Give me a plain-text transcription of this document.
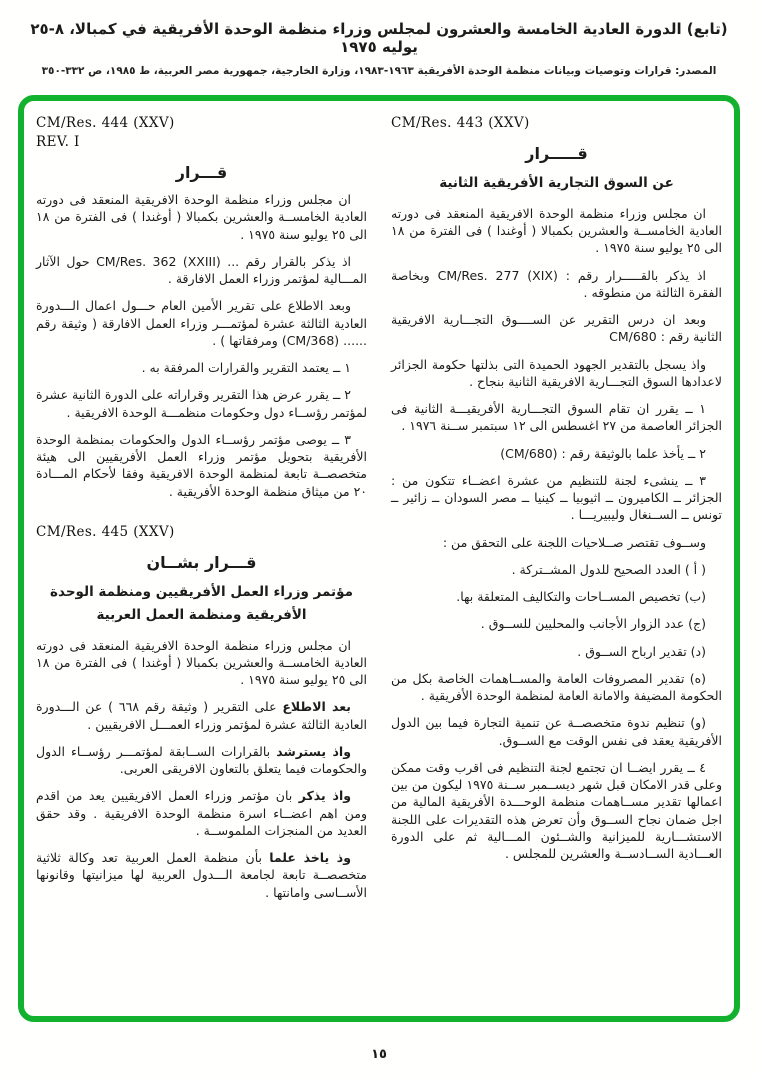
(تابع) الدورة العادية الخامسة والعشرون لمجلس وزراء منظمة الوحدة الأفريقية في كمبالا، ٨-٢٥ يوليه ١٩٧٥
المصدر: قرارات وتوصيات وبيانات منظمة الوحدة الأفريقية ١٩٦٣-١٩٨٣، وزارة الخارجية، جمهورية مصر العربية، ط ١٩٨٥، ص ٣٣٢-٣٥٠
CM/Res. 443 (XXV)
قـــــرار
عن السوق التجارية الأفريقية الثانية

ان مجلس وزراء منظمة الوحدة الافريقية المنعقد فى دورته العادية الخامســة والعشرين بكمبالا ( أوغندا ) فى الفترة من ١٨ الى ٢٥ يوليو سنة ١٩٧٥ .

اذ يذكر بالقـــــرار رقم : ‎CM/Res. 277 (XIX)‎ وبخاصة الفقرة الثالثة من منطوقه .

وبعد ان درس التقرير عن الســــوق التجـــارية الافريقية الثانية رقم : ‎CM/680‎

واذ يسجل بالتقدير الجهود الحميدة التى بذلتها حكومة الجزائر لاعدادها السوق التجـــارية الافريقية الثانية بنجاح .

١ ــ يقرر ان تقام السوق التجـــارية الأفريقيـــة الثانية فى الجزائر العاصمة من ٢٧ اغسطس الى ١٢ سبتمبر ســنة ١٩٧٦ .

٢ ــ يأخذ علما بالوثيقة رقم : ‎(CM/680)‎

٣ ــ ينشىء لجنة للتنظيم من عشرة اعضــاء تتكون من : الجزائر ــ الكاميرون ــ اثيوبيا ــ كينيا ــ مصر السودان ــ زائير ــ تونس ــ الســنغال وليبيريـــا .

وســوف تقتصر صــلاحيات اللجنة على التحقق من :

( أ ) العدد الصحيح للدول المشــتركة .

(ب) تخصيص المســاحات والتكاليف المتعلقة بها.

(ج) عدد الزوار الأجانب والمحليين للســوق .

(د) تقدير ارباح الســوق .

(ه) تقدير المصروفات العامة والمســاهمات الخاصة بكل من الحكومة المضيفة والامانة العامة لمنظمة الوحدة الأفريقية .

(و) تنظيم ندوة متخصصــة عن تنمية التجارة فيما بين الدول الأفريقية يعقد فى نفس الوقت مع الســوق.

٤ ــ يقرر ايضــا ان تجتمع لجنة التنظيم فى اقرب وقت ممكن وعلى قدر الامكان قبل شهر ديســمبر ســنة ١٩٧٥ ليكون من بين اعمالها تقدير مســاهمات منظمة الوحـــدة الأفريقية المالية من اجل ضمان نجاح الســوق وأن تعرض هذه التقديرات على اللجنة الاستشـــارية للميزانية والشــئون المـــالية ثم على الدورة العـــادية الســادســة والعشرين للمجلس .

CM/Res. 444 (XXV)
REV. I
قـــرار

ان مجلس وزراء منظمة الوحدة الافريقية المنعقد فى دورته العادية الخامســة والعشرين بكمبالا ( أوغندا ) فى الفترة من ١٨ الى ٢٥ يوليو سنة ١٩٧٥ .

اذ يذكر بالقرار رقم ... ‎CM/Res. 362 (XXIII)‎ حول الآثار المـــالية لمؤتمر وزراء العمل الافارقة .

وبعد الاطلاع على تقرير الأمين العام حـــول اعمال الـــدورة العادية الثالثة عشرة لمؤتمـــر وزراء العمل الافارقة ( وثيقة رقم ...... ‎(CM/368)‎ ومرفقاتها ) .

١ ــ يعتمد التقرير والقرارات المرفقة به .

٢ ــ يقرر عرض هذا التقرير وقراراته على الدورة الثانية عشرة لمؤتمر رؤســاء دول وحكومات منظمـــة الوحدة الافريقية .

٣ ــ يوصى مؤتمر رؤســاء الدول والحكومات بمنظمة الوحدة الأفريقية بتحويل مؤتمر وزراء العمل الأفريقيين الى هيئة متخصصــة تابعة لمنظمة الوحدة الافريقية وفقا لأحكام المـــادة ٢٠ من ميثاق منظمة الوحدة الأفريقية .

CM/Res. 445 (XXV)
قـــرار بشــان
مؤتمر وزراء العمل الأفريقيين ومنظمة الوحدة
الأفريقية ومنظمة العمل العربية

ان مجلس وزراء منظمة الوحدة الافريقية المنعقد فى دورته العادية الخامســة والعشرين بكمبالا ( أوغندا ) فى الفترة من ١٨ الى ٢٥ يوليو سنة ١٩٧٥ .

بعد الاطلاع على التقرير ( وثيقة رقم ٦٦٨ ) عن الـــدورة العادية الثالثة عشرة لمؤتمر وزراء العمـــل الافريقيين .

واذ يسترشد بالقرارات الســابقة لمؤتمـــر رؤســاء الدول والحكومات فيما يتعلق بالتعاون الافريقى العربى.

واذ يذكر بان مؤتمر وزراء العمل الافريقيين يعد من اقدم ومن اهم اعضــاء اسرة منظمة الوحدة الافريقية . وقد حقق العديد من المنجزات الملموســة .

وذ ياخذ علما بأن منظمة العمل العربية تعد وكالة ثلاثية متخصصــة تابعة لجامعة الـــدول العربية لها ميزانيتها وقانونها الأســاسى وامانتها .

١٥
